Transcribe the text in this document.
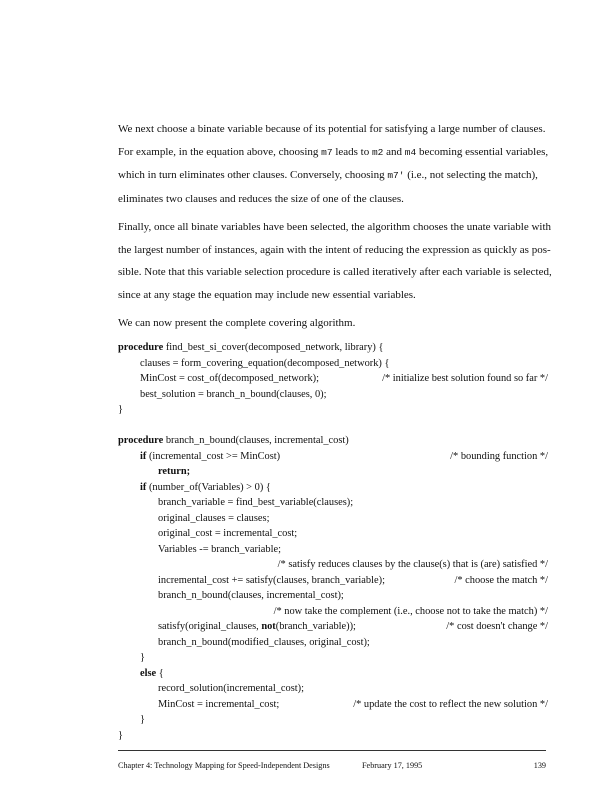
We next choose a binate variable because of its potential for satisfying a large number of clauses.
For example, in the equation above, choosing m7 leads to m2 and m4 becoming essential variables,
which in turn eliminates other clauses. Conversely, choosing m7' (i.e., not selecting the match),
eliminates two clauses and reduces the size of one of the clauses.
Finally, once all binate variables have been selected, the algorithm chooses the unate variable with
the largest number of instances, again with the intent of reducing the expression as quickly as pos-
sible. Note that this variable selection procedure is called iteratively after each variable is selected,
since at any stage the equation may include new essential variables.
We can now present the complete covering algorithm.
procedure find_best_si_cover(decomposed_network, library) {
clauses = form_covering_equation(decomposed_network) {
MinCost = cost_of(decomposed_network);	/* initialize best solution found so far */
best_solution = branch_n_bound(clauses, 0);
}
procedure branch_n_bound(clauses, incremental_cost)
if (incremental_cost >= MinCost)	/* bounding function */
return;
if (number_of(Variables) > 0) {
branch_variable = find_best_variable(clauses);
original_clauses = clauses;
original_cost = incremental_cost;
Variables -= branch_variable;
/* satisfy reduces clauses by the clause(s) that is (are) satisfied */
incremental_cost += satisfy(clauses, branch_variable);	/* choose the match */
branch_n_bound(clauses, incremental_cost);
/* now take the complement (i.e., choose not to take the match) */
satisfy(original_clauses, not(branch_variable));	/* cost doesn't change */
branch_n_bound(modified_clauses, original_cost);
}
else {
record_solution(incremental_cost);
MinCost = incremental_cost;	/* update the cost to reflect the new solution */
}
}
Chapter 4: Technology Mapping for Speed-Independent Designs	February 17, 1995	139
